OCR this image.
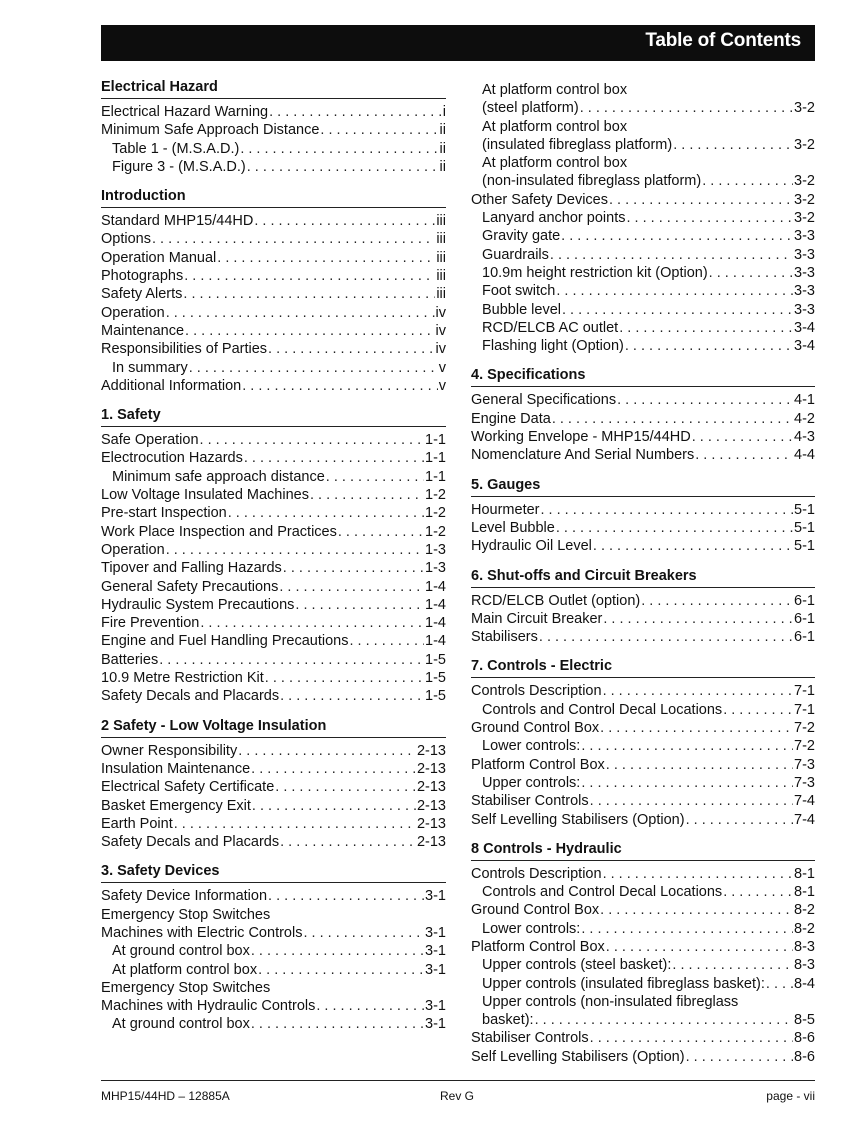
Table of Contents
Electrical Hazard
Electrical Hazard Warning . . .	i
Minimum Safe Approach Distance . . .	ii
Table 1 - (M.S.A.D.) . . .	ii
Figure 3 - (M.S.A.D.) . . .	ii
Introduction
Standard MHP15/44HD . . .	iii
Options . . .	iii
Operation Manual . . .	iii
Photographs . . .	iii
Safety Alerts . . .	iii
Operation . . .	iv
Maintenance . . .	iv
Responsibilities of Parties . . .	iv
In summary . . .	v
Additional Information . . .	v
1. Safety
Safe Operation . . .	1-1
Electrocution Hazards . . .	1-1
Minimum safe approach distance . . .	1-1
Low Voltage Insulated Machines . . .	1-2
Pre-start Inspection . . .	1-2
Work Place Inspection and Practices . . .	1-2
Operation . . .	1-3
Tipover and Falling Hazards . . .	1-3
General Safety Precautions . . .	1-4
Hydraulic System Precautions . . .	1-4
Fire Prevention . . .	1-4
Engine and Fuel Handling Precautions . . .	1-4
Batteries . . .	1-5
10.9 Metre Restriction Kit . . .	1-5
Safety Decals and Placards . . .	1-5
2 Safety - Low Voltage Insulation
Owner Responsibility . . .	2-13
Insulation Maintenance . . .	2-13
Electrical Safety Certificate . . .	2-13
Basket Emergency Exit . . .	2-13
Earth Point . . .	2-13
Safety Decals and Placards . . .	2-13
3. Safety Devices
Safety Device Information . . .	3-1
Emergency Stop Switches
Machines with Electric Controls . . .	3-1
At ground control box . . .	3-1
At platform control box . . .	3-1
Emergency Stop Switches
Machines with Hydraulic Controls . . .	3-1
At ground control box . . .	3-1
At platform control box
(steel platform) . . .	3-2
At platform control box
(insulated fibreglass platform) . . .	3-2
At platform control box
(non-insulated fibreglass platform) . . .	3-2
Other Safety Devices . . .	3-2
Lanyard anchor points . . .	3-2
Gravity gate . . .	3-3
Guardrails . . .	3-3
10.9m height restriction kit (Option) . . .	3-3
Foot switch . . .	3-3
Bubble level . . .	3-3
RCD/ELCB AC outlet . . .	3-4
Flashing light (Option) . . .	3-4
4. Specifications
General Specifications . . .	4-1
Engine Data . . .	4-2
Working Envelope - MHP15/44HD . . .	4-3
Nomenclature And Serial Numbers . . .	4-4
5. Gauges
Hourmeter . . .	5-1
Level Bubble . . .	5-1
Hydraulic Oil Level . . .	5-1
6. Shut-offs and Circuit Breakers
RCD/ELCB Outlet (option) . . .	6-1
Main Circuit Breaker . . .	6-1
Stabilisers . . .	6-1
7. Controls - Electric
Controls Description . . .	7-1
Controls and Control Decal Locations . . .	7-1
Ground Control Box . . .	7-2
Lower controls: . . .	7-2
Platform Control Box . . .	7-3
Upper controls: . . .	7-3
Stabiliser Controls . . .	7-4
Self Levelling Stabilisers (Option) . . .	7-4
8 Controls - Hydraulic
Controls Description . . .	8-1
Controls and Control Decal Locations . . .	8-1
Ground Control Box . . .	8-2
Lower controls: . . .	8-2
Platform Control Box . . .	8-3
Upper controls (steel basket): . . .	8-3
Upper controls (insulated fibreglass basket): . . . 8-4
Upper controls (non-insulated fibreglass
basket): . . .	8-5
Stabiliser Controls . . .	8-6
Self Levelling Stabilisers (Option) . . .	8-6
MHP15/44HD – 12885A	Rev G	page - vii
